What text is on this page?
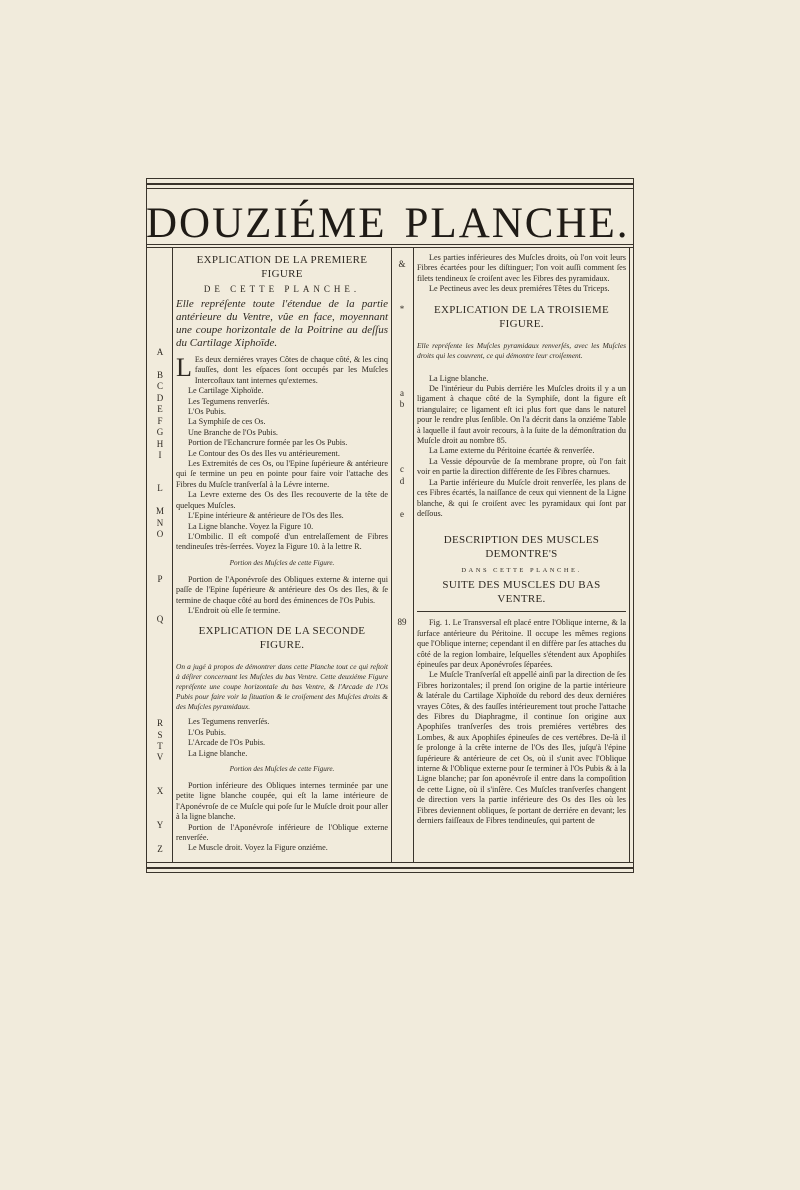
DOUZIÉME PLANCHE.
A
B
C
D
E
F
G
H
I
L
M
N
O
P
Q
R
S
T
V
X
Y
Z
&
*
a
b
c
d
e
89

EXPLICATION DE LA PREMIERE FIGURE

DE CETTE PLANCHE.

Elle repréſente toute l'étendue de la partie antérieure du Ventre, vûe en face, moyennant une coupe horizontale de la Poitrine au deſſus du Cartilage Xiphoïde.

L Es deux derniéres vrayes Côtes de chaque côté, & les cinq fauſſes, dont les eſpaces ſont occupés par les Muſcles Intercoſtaux tant internes qu'externes.

Le Cartilage Xiphoïde.

Les Tegumens renverſés.

L'Os Pubis.

La Symphiſe de ces Os.

Une Branche de l'Os Pubis.

Portion de l'Echancrure formée par les Os Pubis.

Le Contour des Os des Iles vu antérieurement.

Les Extremités de ces Os, ou l'Epine ſupérieure & antérieure qui ſe termine un peu en pointe pour faire voir l'attache des Fibres du Muſcle tranſverſal à la Lévre interne.

La Levre externe des Os des Iles recouverte de la tête de quelques Muſcles.

L'Epine intérieure & antérieure de l'Os des Iles.

La Ligne blanche. Voyez la Figure 10.

L'Ombilic. Il eſt compoſé d'un entrelaſſement de Fibres tendineuſes très-ſerrées. Voyez la Figure 10. à la lettre R.

Portion des Muſcles de cette Figure.

Portion de l'Aponévroſe des Obliques externe & interne qui paſſe de l'Epine ſupérieure & antérieure des Os des Iles, & ſe termine de chaque côté au bord des éminences de l'Os Pubis.

L'Endroit où elle ſe termine.

EXPLICATION DE LA SECONDE FIGURE.

On a jugé à propos de démontrer dans cette Planche tout ce qui reſtoit à déſirer concernant les Muſcles du bas Ventre. Cette deuxiéme Figure repréſente une coupe horizontale du bas Ventre, & l'Arcade de l'Os Pubis pour faire voir la ſituation & le croiſement des Muſcles droits & des Muſcles pyramidaux.

Les Tegumens renverſés.

L'Os Pubis.

L'Arcade de l'Os Pubis.

La Ligne blanche.

Portion des Muſcles de cette Figure.

Portion inférieure des Obliques internes terminée par une petite ligne blanche coupée, qui eſt la lame intérieure de l'Aponévroſe de ce Muſcle qui poſe ſur le Muſcle droit pour aller à la ligne blanche.

Portion de l'Aponévroſe inférieure de l'Oblique externe renverſée.

Le Muscle droit. Voyez la Figure onziéme.

Les parties inférieures des Muſcles droits, où l'on voit leurs Fibres écartées pour les diſtinguer; l'on voit auſſi comment ſes filets tendineux ſe croiſent avec les Fibres des pyramidaux.

Le Pectineus avec les deux premiéres Têtes du Triceps.

EXPLICATION DE LA TROISIEME FIGURE.

Elle repréſente les Muſcles pyramidaux renverſés, avec les Muſcles droits qui les couvrent, ce qui démontre leur croiſement.

La Ligne blanche.

De l'intérieur du Pubis derriére les Muſcles droits il y a un ligament à chaque côté de la Symphiſe, dont la figure eſt triangulaire; ce ligament eſt ici plus fort que dans le naturel pour le rendre plus ſenſible. On l'a décrit dans la onziéme Table à laquelle il faut avoir recours, à la ſuite de la démonſtration du Muſcle droit au nombre 85.

La Lame externe du Péritoine écartée & renverſée.

La Vessie dépourvûe de ſa membrane propre, où l'on fait voir en partie la direction différente de ſes Fibres charnues.

La Partie inférieure du Muſcle droit renverſée, les plans de ces Fibres écartés, la naiſſance de ceux qui viennent de la Ligne blanche, & qui ſe croiſent avec les pyramidaux qui ſont par deſſous.

DESCRIPTION DES MUSCLES DEMONTRE'S

DANS CETTE PLANCHE.

SUITE DES MUSCLES DU BAS VENTRE.

Fig. 1. Le Transversal eſt placé entre l'Oblique interne, & la ſurface antérieure du Péritoine. Il occupe les mêmes regions que l'Oblique interne; cependant il en diffère par ſes attaches du côté de la region lombaire, leſquelles s'étendent aux Apophiſes épineuſes par deux Aponévroſes ſéparées.

Le Muſcle Tranſverſal eſt appellé ainſi par la direction de ſes Fibres horizontales; il prend ſon origine de la partie intérieure & latérale du Cartilage Xiphoïde du rebord des deux derniéres vrayes Côtes, & des fauſſes intérieurement tout proche l'attache des Fibres du Diaphragme, il continue ſon origine aux Apophiſes tranſverſes des trois premiéres vertébres des Lombes, & aux Apophiſes épineuſes de ces vertébres. De-là il ſe prolonge à la crête interne de l'Os des Iles, juſqu'à l'épine ſupérieure & antérieure de cet Os, où il s'unit avec l'Oblique interne & l'Oblique externe pour ſe terminer à l'Os Pubis & à la Ligne blanche; par ſon aponévroſe il entre dans la compoſition de cette Ligne, où il s'inſère. Ces Muſcles tranſverſes changent de direction vers la partie inférieure des Os des Iles où les Fibres deviennent obliques, ſe portant de derriére en devant; les derniers faiſſeaux de Fibres tendineuſes, qui partent de
